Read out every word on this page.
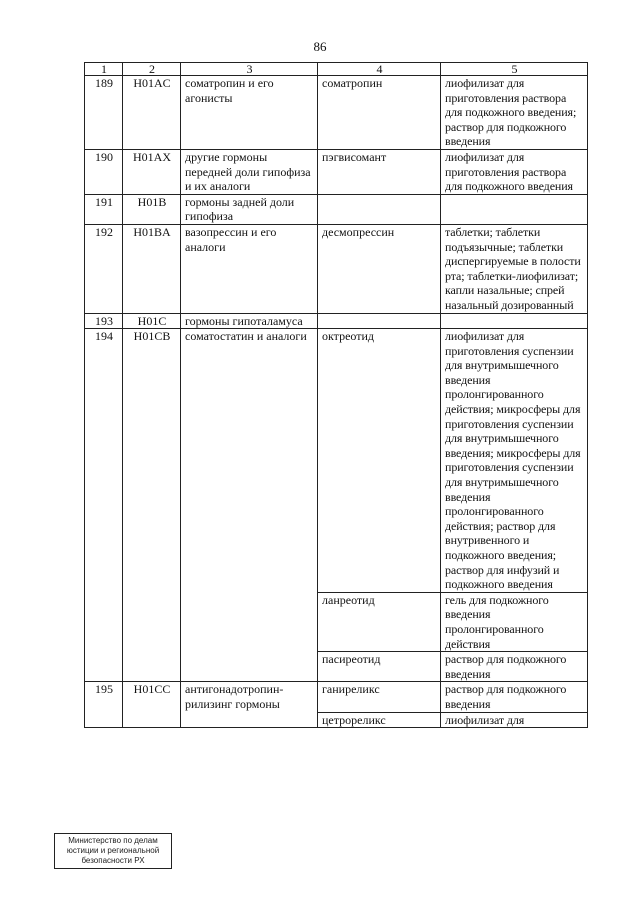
86
1	2	3	4	5
189	H01AC	соматропин и его агонисты	соматропин	лиофилизат для приготовления раствора для подкожного введения; раствор для подкожного введения
190	H01AX	другие гормоны передней доли гипофиза и их аналоги	пэгвисомант	лиофилизат для приготовления раствора для подкожного введения
191	H01B	гормоны задней доли гипофиза		
192	H01BA	вазопрессин и его аналоги	десмопрессин	таблетки; таблетки подъязычные; таблетки диспергируемые в полости рта; таблетки-лиофилизат; капли назальные; спрей назальный дозированный
193	H01C	гормоны гипоталамуса		
194	H01CB	соматостатин и аналоги	октреотид	лиофилизат для приготовления суспензии для внутримышечного введения пролонгированного действия; микросферы для приготовления суспензии для внутримышечного введения; микросферы для приготовления суспензии для внутримышечного введения пролонгированного действия; раствор для внутривенного и подкожного введения; раствор для инфузий и подкожного введения
			ланреотид	гель для подкожного введения пролонгированного действия
			пасиреотид	раствор для подкожного введения
195	H01CC	антигонадотропин-рилизинг гормоны	ганиреликс	раствор для подкожного введения
			цетрореликс	лиофилизат для
Министерство по делам
юстиции и региональной
безопасности РХ
